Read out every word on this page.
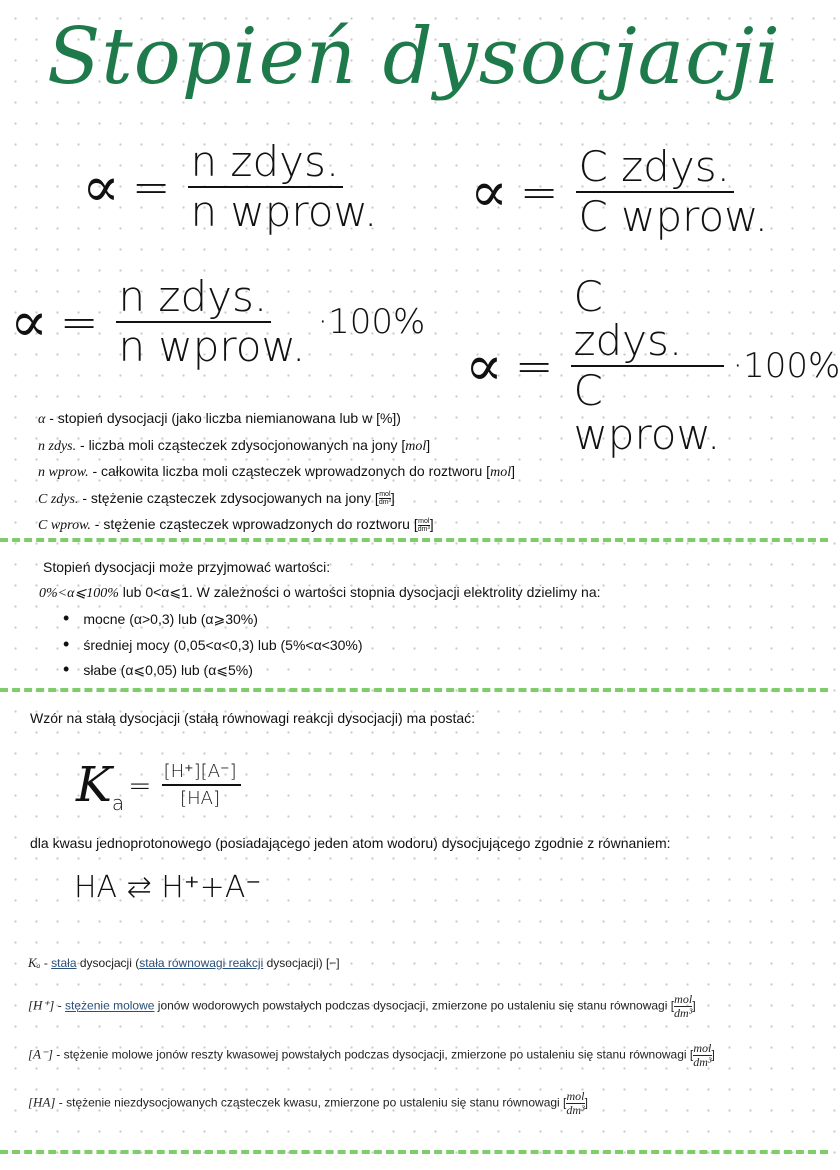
Stopień dysocjacji
∝ = $\frac{\text{n zdys.}}{\text{n wprow.}}$ ∝ = $\frac{\text{C zdys.}}{\text{C wprow.}}$
∝ = $\frac{\text{n zdys.}}{\text{n wprow.}} \cdot 100\%$
∝ = $\frac{\text{C zdys.}}{\text{C wprow.}} \cdot 100\%$
α - stopień dysocjacji (jako liczba niemianowana lub w [%])
n zdys. - liczba moli cząsteczek zdysocjonowanych na jony [mol]
n wprow. - całkowita liczba moli cząsteczek wprowadzonych do roztworu [mol]
C zdys. - stężenie cząsteczek zdysocjowanych na jony [ mol
dm³ ]
C wprow. - stężenie cząsteczek wprowadzonych do roztworu [ mol
dm³ ]
Stopień dysocjacji może przyjmować wartości:
0%<α⩽100% lub 0<α⩽1. W zależności o wartości stopnia dysocjacji elektrolity dzielimy na:
• mocne (α>0,3) lub (α⩾30%)
• średniej mocy (0,05<α<0,3) lub (5%<α<30%)
• słabe (α⩽0,05) lub (α⩽5%)
Wzór na stałą dysocjacji (stałą równowagi reakcji dysocjacji) ma postać:
K a
= $\frac{[H^+][A^-]}{[HA]}$
dla kwasu jednoprotonowego (posiadającego jeden atom wodoru) dysocjującego zgodnie z równaniem:
HA ⇄ H⁺+A⁻
Kₐ - stała dysocjacji (stała równowagi reakcji dysocjacji) [−]
[H⁺] - stężenie molowe jonów wodorowych powstałych podczas dysocjacji, zmierzone po ustaleniu się stanu równowagi [ mol
dm³
]
[A⁻] - stężenie molowe jonów reszty kwasowej powstałych podczas dysocjacji, zmierzone po ustaleniu się stanu równowagi [ mol
dm³
]
[HA] - stężenie niezdysocjowanych cząsteczek kwasu, zmierzone po ustaleniu się stanu równowagi [ mol
dm³
]
